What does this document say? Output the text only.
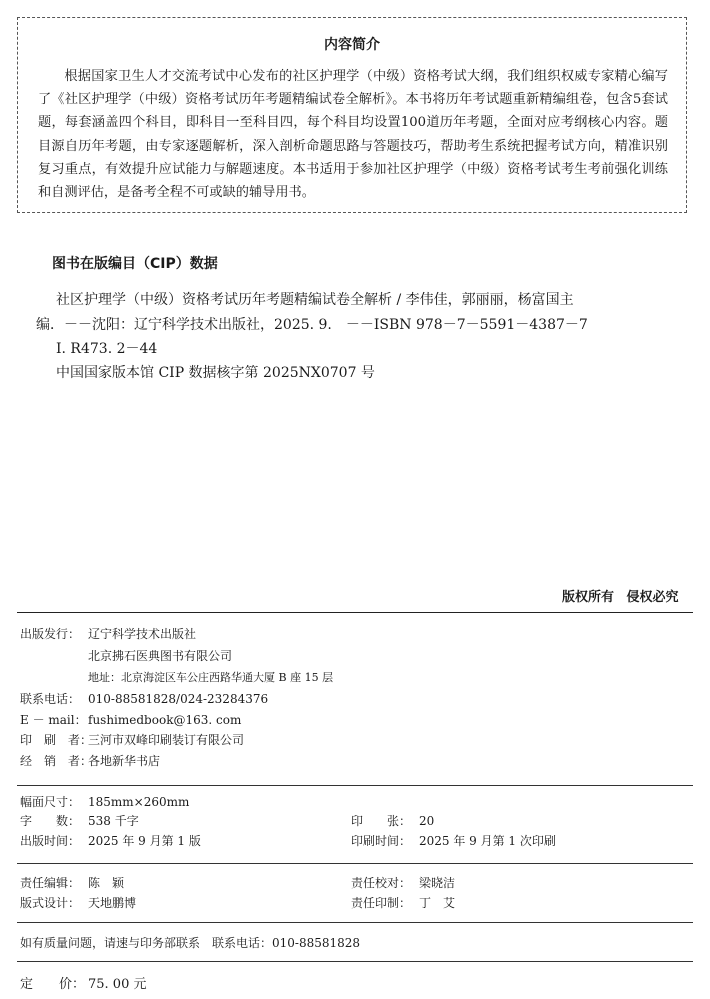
内容简介
根据国家卫生人才交流考试中心发布的社区护理学（中级）资格考试大纲，我们组织权威专家精心编写了《社区护理学（中级）资格考试历年考题精编试卷全解析》。本书将历年考试题重新精编组卷，包含5套试题，每套涵盖四个科目，即科目一至科目四，每个科目均设置100道历年考题，全面对应考纲核心内容。题目源自历年考题，由专家逐题解析，深入剖析命题思路与答题技巧，帮助考生系统把握考试方向，精准识别复习重点，有效提升应试能力与解题速度。本书适用于参加社区护理学（中级）资格考试考生考前强化训练和自测评估，是备考全程不可或缺的辅导用书。
图书在版编目（CIP）数据
社区护理学（中级）资格考试历年考题精编试卷全解析 / 李伟佳，郭丽丽，杨富国主
编．－－沈阳：辽宁科学技术出版社，2025. 9.　－－ISBN 978－7－5591－4387－7
Ⅰ. R473. 2－44
中国国家版本馆 CIP 数据核字第 2025NX0707 号
版权所有 侵权必究
出版发行： 辽宁科学技术出版社
北京拂石医典图书有限公司
地址：北京海淀区车公庄西路华通大厦 B 座 15 层
联系电话： 010-88581828/024-23284376
E － mail：fushimedbook@163. com
印　刷　者：三河市双峰印刷装订有限公司
经　销　者：各地新华书店
幅面尺寸： 185mm×260mm
字　　数： 538 千字	印　　张： 20
出版时间： 2025 年 9 月第 1 版	印刷时间： 2025 年 9 月第 1 次印刷
责任编辑： 陈　颖	责任校对： 梁晓洁
版式设计： 天地鹏博	责任印制： 丁　艾
如有质量问题，请速与印务部联系　联系电话：010-88581828
定　　价： 75. 00 元
